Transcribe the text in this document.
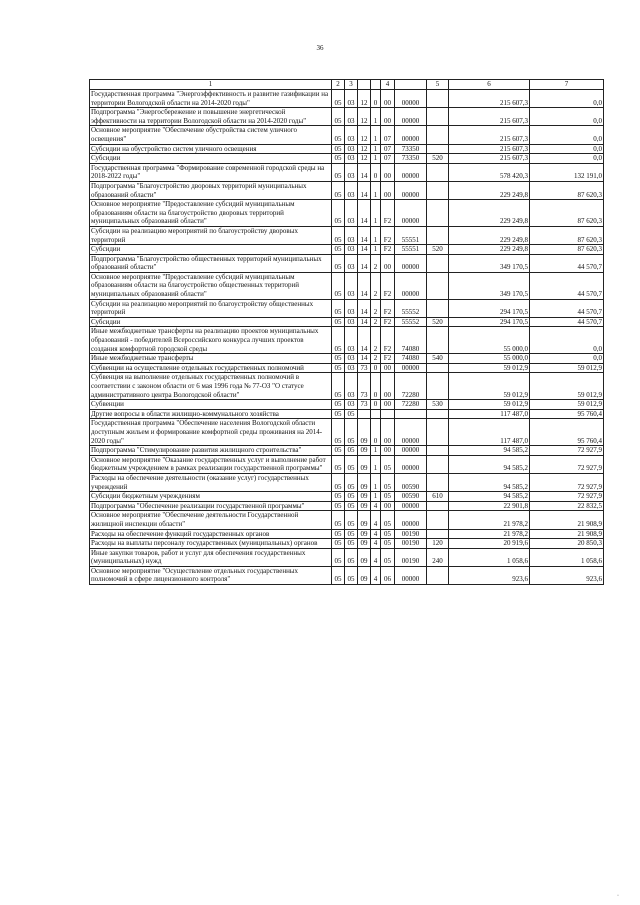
36
1	2	3			4		5	6	7
Государственная программа "Энергоэффективность и развитие газификации на территории Вологодской области на 2014-2020 годы"	05	03	12	0	00	00000		215 607,3	0,0
Подпрограмма "Энергосбережение и повышение энергетической эффективности на территории Вологодской области на 2014-2020 годы"	05	03	12	1	00	00000		215 607,3	0,0
Основное мероприятие "Обеспечение обустройства систем уличного освещения"	05	03	12	1	07	00000		215 607,3	0,0
Субсидии на обустройство систем уличного освещения	05	03	12	1	07	73350		215 607,3	0,0
Субсидии	05	03	12	1	07	73350	520	215 607,3	0,0
Государственная программа "Формирование современной городской среды на 2018-2022 годы"	05	03	14	0	00	00000		578 420,3	132 191,0
Подпрограмма "Благоустройство дворовых территорий муниципальных образований области"	05	03	14	1	00	00000		229 249,8	87 620,3
Основное мероприятие "Предоставление субсидий муниципальным образованиям области на благоустройство дворовых территорий муниципальных образований области"	05	03	14	1	F2	00000		229 249,8	87 620,3
Субсидии на реализацию мероприятий по благоустройству дворовых территорий	05	03	14	1	F2	55551		229 249,8	87 620,3
Субсидии	05	03	14	1	F2	55551	520	229 249,8	87 620,3
Подпрограмма "Благоустройство общественных территорий муниципальных образований области"	05	03	14	2	00	00000		349 170,5	44 570,7
Основное мероприятие "Предоставление субсидий муниципальным образованиям области на благоустройство общественных территорий муниципальных образований области"	05	03	14	2	F2	00000		349 170,5	44 570,7
Субсидии на реализацию мероприятий по благоустройству общественных территорий	05	03	14	2	F2	55552		294 170,5	44 570,7
Субсидии	05	03	14	2	F2	55552	520	294 170,5	44 570,7
Иные межбюджетные трансферты на реализацию проектов муниципальных образований - победителей Всероссийского конкурса лучших проектов создания комфортной городской среды	05	03	14	2	F2	74080		55 000,0	0,0
Иные межбюджетные трансферты	05	03	14	2	F2	74080	540	55 000,0	0,0
Субвенции на осуществление отдельных государственных полномочий	05	03	73	0	00	00000		59 012,9	59 012,9
Субвенция на выполнение отдельных государственных полномочий в соответствии с законом области от 6 мая 1996 года № 77-ОЗ "О статусе административного центра Вологодской области"	05	03	73	0	00	72280		59 012,9	59 012,9
Субвенции	05	03	73	0	00	72280	530	59 012,9	59 012,9
Другие вопросы в области жилищно-коммунального хозяйства	05	05						117 487,0	95 760,4
Государственная программа "Обеспечение населения Вологодской области доступным жильем и формирование комфортной среды проживания на 2014-2020 годы"	05	05	09	0	00	00000		117 487,0	95 760,4
Подпрограмма "Стимулирование развития жилищного строительства"	05	05	09	1	00	00000		94 585,2	72 927,9
Основное мероприятие "Оказание государственных услуг и выполнение работ бюджетным учреждением в рамках реализации государственной программы"	05	05	09	1	05	00000		94 585,2	72 927,9
Расходы на обеспечение деятельности (оказание услуг) государственных учреждений	05	05	09	1	05	00590		94 585,2	72 927,9
Субсидии бюджетным учреждениям	05	05	09	1	05	00590	610	94 585,2	72 927,9
Подпрограмма "Обеспечение реализации государственной программы"	05	05	09	4	00	00000		22 901,8	22 832,5
Основное мероприятие "Обеспечение деятельности Государственной жилищной инспекции области"	05	05	09	4	05	00000		21 978,2	21 908,9
Расходы на обеспечение функций государственных органов	05	05	09	4	05	00190		21 978,2	21 908,9
Расходы на выплаты персоналу государственных (муниципальных) органов	05	05	09	4	05	00190	120	20 919,6	20 850,3
Иные закупки товаров, работ и услуг для обеспечения государственных (муниципальных) нужд	05	05	09	4	05	00190	240	1 058,6	1 058,6
Основное мероприятие "Осуществление отдельных государственных полномочий в сфере лицензионного контроля"	05	05	09	4	06	00000		923,6	923,6
·
